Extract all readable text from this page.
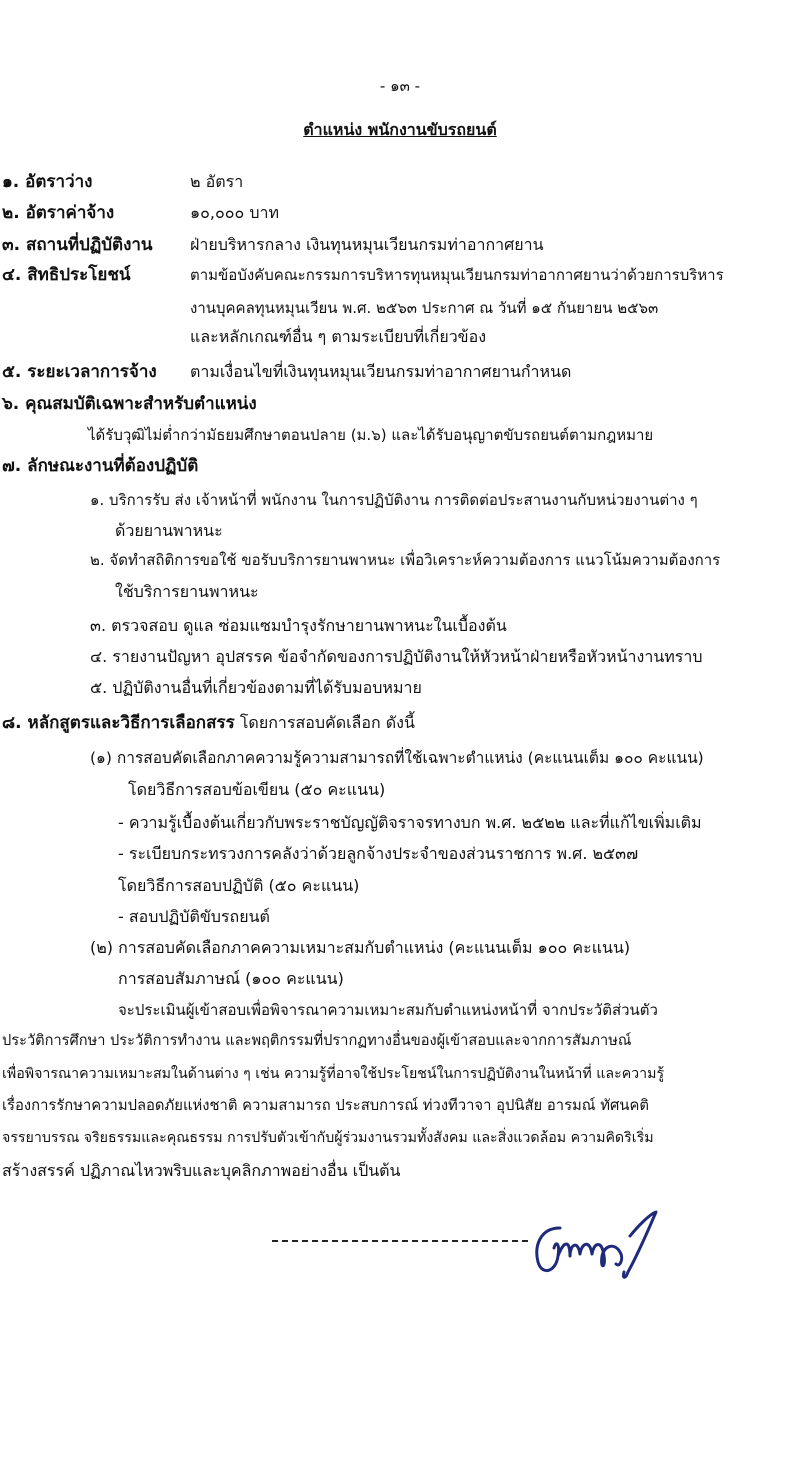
- ๑๓ -
ตำแหน่ง พนักงานขับรถยนต์
๑. อัตราว่าง	๒ อัตรา
๒. อัตราค่าจ้าง	๑๐,๐๐๐ บาท
๓. สถานที่ปฏิบัติงาน ฝ่ายบริหารกลาง เงินทุนหมุนเวียนกรมท่าอากาศยาน
๔. สิทธิประโยชน์	ตามข้อบังคับคณะกรรมการบริหารทุนหมุนเวียนกรมท่าอากาศยานว่าด้วยการบริหาร
งานบุคคลทุนหมุนเวียน พ.ศ. ๒๕๖๓ ประกาศ ณ วันที่ ๑๕ กันยายน ๒๕๖๓
และหลักเกณฑ์อื่น ๆ ตามระเบียบที่เกี่ยวข้อง
๕. ระยะเวลาการจ้าง ตามเงื่อนไขที่เงินทุนหมุนเวียนกรมท่าอากาศยานกำหนด
๖. คุณสมบัติเฉพาะสำหรับตำแหน่ง
ได้รับวุฒิไม่ต่ำกว่ามัธยมศึกษาตอนปลาย (ม.๖) และได้รับอนุญาตขับรถยนต์ตามกฎหมาย
๗. ลักษณะงานที่ต้องปฏิบัติ
๑. บริการรับ ส่ง เจ้าหน้าที่ พนักงาน ในการปฏิบัติงาน การติดต่อประสานงานกับหน่วยงานต่าง ๆ
ด้วยยานพาหนะ
๒. จัดทำสถิติการขอใช้ ขอรับบริการยานพาหนะ เพื่อวิเคราะห์ความต้องการ แนวโน้มความต้องการ
ใช้บริการยานพาหนะ
๓. ตรวจสอบ ดูแล ซ่อมแซมบำรุงรักษายานพาหนะในเบื้องต้น
๔. รายงานปัญหา อุปสรรค ข้อจำกัดของการปฏิบัติงานให้หัวหน้าฝ่ายหรือหัวหน้างานทราบ
๕. ปฏิบัติงานอื่นที่เกี่ยวข้องตามที่ได้รับมอบหมาย
๘. หลักสูตรและวิธีการเลือกสรร โดยการสอบคัดเลือก ดังนี้
(๑) การสอบคัดเลือกภาคความรู้ความสามารถที่ใช้เฉพาะตำแหน่ง (คะแนนเต็ม ๑๐๐ คะแนน)
โดยวิธีการสอบข้อเขียน (๕๐ คะแนน)
- ความรู้เบื้องต้นเกี่ยวกับพระราชบัญญัติจราจรทางบก พ.ศ. ๒๕๒๒ และที่แก้ไขเพิ่มเติม
- ระเบียบกระทรวงการคลังว่าด้วยลูกจ้างประจำของส่วนราชการ พ.ศ. ๒๕๓๗
โดยวิธีการสอบปฏิบัติ (๕๐ คะแนน)
- สอบปฏิบัติขับรถยนต์
(๒) การสอบคัดเลือกภาคความเหมาะสมกับตำแหน่ง (คะแนนเต็ม ๑๐๐ คะแนน)
การสอบสัมภาษณ์ (๑๐๐ คะแนน)
จะประเมินผู้เข้าสอบเพื่อพิจารณาความเหมาะสมกับตำแหน่งหน้าที่ จากประวัติส่วนตัว
ประวัติการศึกษา ประวัติการทำงาน และพฤติกรรมที่ปรากฏทางอื่นของผู้เข้าสอบและจากการสัมภาษณ์
เพื่อพิจารณาความเหมาะสมในด้านต่าง ๆ เช่น ความรู้ที่อาจใช้ประโยชน์ในการปฏิบัติงานในหน้าที่ และความรู้
เรื่องการรักษาความปลอดภัยแห่งชาติ ความสามารถ ประสบการณ์ ท่วงทีวาจา อุปนิสัย อารมณ์ ทัศนคติ
จรรยาบรรณ จริยธรรมและคุณธรรม การปรับตัวเข้ากับผู้ร่วมงานรวมทั้งสังคม และสิ่งแวดล้อม ความคิดริเริ่ม
สร้างสรรค์ ปฏิภาณไหวพริบและบุคลิกภาพอย่างอื่น เป็นต้น
